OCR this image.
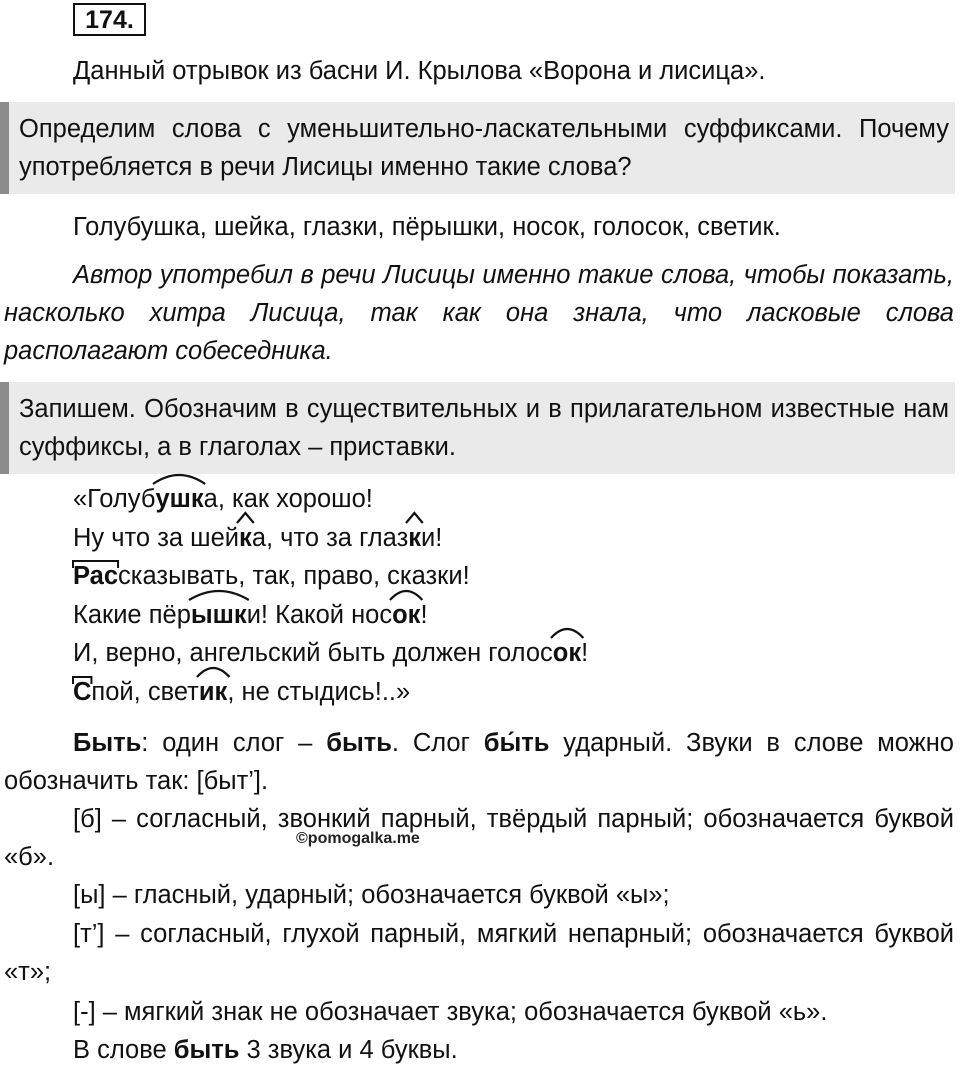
174.

Данный отрывок из басни И. Крылова «Ворона и лисица».

Определим слова с уменьшительно-ласкательными суффиксами. Почему употребляется в речи Лисицы именно такие слова?

Голубушка, шейка, глазки, пёрышки, носок, голосок, светик.

Автор употребил в речи Лисицы именно такие слова, чтобы показать, насколько хитра Лисица, так как она знала, что ласковые слова располагают собеседника.

Запишем. Обозначим в существительных и в прилагательном известные нам суффиксы, а в глаголах – приставки.
«Голуб
ушка, как хорошо!
Ну что за шей
ка, что за глаз
ки!
Рассказывать, так, право, сказки!
Какие пёр
ышки! Какой нос
ок!
И, верно, ангельский быть должен голос
ок!
Спой, свет
ик, не стыдись!..»

Быть: один слог – быть. Слог бы́ть ударный. Звуки в слове можно обозначить так: [быт’].

[б] – согласный, звонкий парный, твёрдый парный; обозначается буквой «б».

©pomogalka.me

[ы] – гласный, ударный; обозначается буквой «ы»;

[т’] – согласный, глухой парный, мягкий непарный; обозначается буквой «т»;

[-] – мягкий знак не обозначает звука; обозначается буквой «ь».

В слове быть 3 звука и 4 буквы.
